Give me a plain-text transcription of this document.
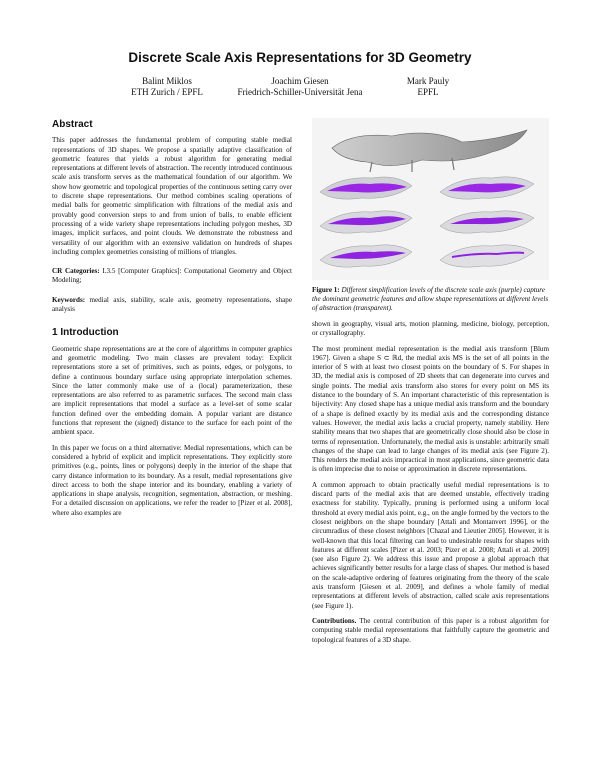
Discrete Scale Axis Representations for 3D Geometry
Balint Miklos
ETH Zurich / EPFL
Joachim Giesen
Friedrich-Schiller-Universität Jena
Mark Pauly
EPFL
Abstract

This paper addresses the fundamental problem of computing stable medial representations of 3D shapes. We propose a spatially adaptive classification of geometric features that yields a robust algorithm for generating medial representations at different levels of abstraction. The recently introduced continuous scale axis transform serves as the mathematical foundation of our algorithm. We show how geometric and topological properties of the continuous setting carry over to discrete shape representations. Our method combines scaling operations of medial balls for geometric simplification with filtrations of the medial axis and provably good conversion steps to and from union of balls, to enable efficient processing of a wide variety shape representations including polygon meshes, 3D images, implicit surfaces, and point clouds. We demonstrate the robustness and versatility of our algorithm with an extensive validation on hundreds of shapes including complex geometries consisting of millions of triangles.

CR Categories: I.3.5 [Computer Graphics]: Computational Geometry and Object Modeling;

Keywords: medial axis, stability, scale axis, geometry representations, shape analysis

1 Introduction

Geometric shape representations are at the core of algorithms in computer graphics and geometric modeling. Two main classes are prevalent today: Explicit representations store a set of primitives, such as points, edges, or polygons, to define a continuous boundary surface using appropriate interpolation schemes. Since the latter commonly make use of a (local) parameterization, these representations are also referred to as parametric surfaces. The second main class are implicit representations that model a surface as a level-set of some scalar function defined over the embedding domain. A popular variant are distance functions that represent the (signed) distance to the surface for each point of the ambient space.

In this paper we focus on a third alternative: Medial representations, which can be considered a hybrid of explicit and implicit representations. They explicitly store primitives (e.g., points, lines or polygons) deeply in the interior of the shape that carry distance information to its boundary. As a result, medial representations give direct access to both the shape interior and its boundary, enabling a variety of applications in shape analysis, recognition, segmentation, abstraction, or meshing. For a detailed discussion on applications, we refer the reader to [Pizer et al. 2008], where also examples are

Figure 1: Different simplification levels of the discrete scale axis (purple) capture the dominant geometric features and allow shape representations at different levels of abstraction (transparent).

shown in geography, visual arts, motion planning, medicine, biology, perception, or crystallography.

The most prominent medial representation is the medial axis transform [Blum 1967]. Given a shape S ⊂ ℝd, the medial axis MS is the set of all points in the interior of S with at least two closest points on the boundary of S. For shapes in 3D, the medial axis is composed of 2D sheets that can degenerate into curves and single points. The medial axis transform also stores for every point on MS its distance to the boundary of S. An important characteristic of this representation is bijectivity: Any closed shape has a unique medial axis transform and the boundary of a shape is defined exactly by its medial axis and the corresponding distance values. However, the medial axis lacks a crucial property, namely stability. Here stability means that two shapes that are geometrically close should also be close in terms of representation. Unfortunately, the medial axis is unstable: arbitrarily small changes of the shape can lead to large changes of its medial axis (see Figure 2). This renders the medial axis impractical in most applications, since geometric data is often imprecise due to noise or approximation in discrete representations.

A common approach to obtain practically useful medial representations is to discard parts of the medial axis that are deemed unstable, effectively trading exactness for stability. Typically, pruning is performed using a uniform local threshold at every medial axis point, e.g., on the angle formed by the vectors to the closest neighbors on the shape boundary [Attali and Montanvert 1996], or the circumradius of these closest neighbors [Chazal and Lieutier 2005]. However, it is well-known that this local filtering can lead to undesirable results for shapes with features at different scales [Pizer et al. 2003; Pizer et al. 2008; Attali et al. 2009] (see also Figure 2). We address this issue and propose a global approach that achieves significantly better results for a large class of shapes. Our method is based on the scale-adaptive ordering of features originating from the theory of the scale axis transform [Giesen et al. 2009], and defines a whole family of medial representations at different levels of abstraction, called scale axis representations (see Figure 1).

Contributions. The central contribution of this paper is a robust algorithm for computing stable medial representations that faithfully capture the geometric and topological features of a 3D shape.
